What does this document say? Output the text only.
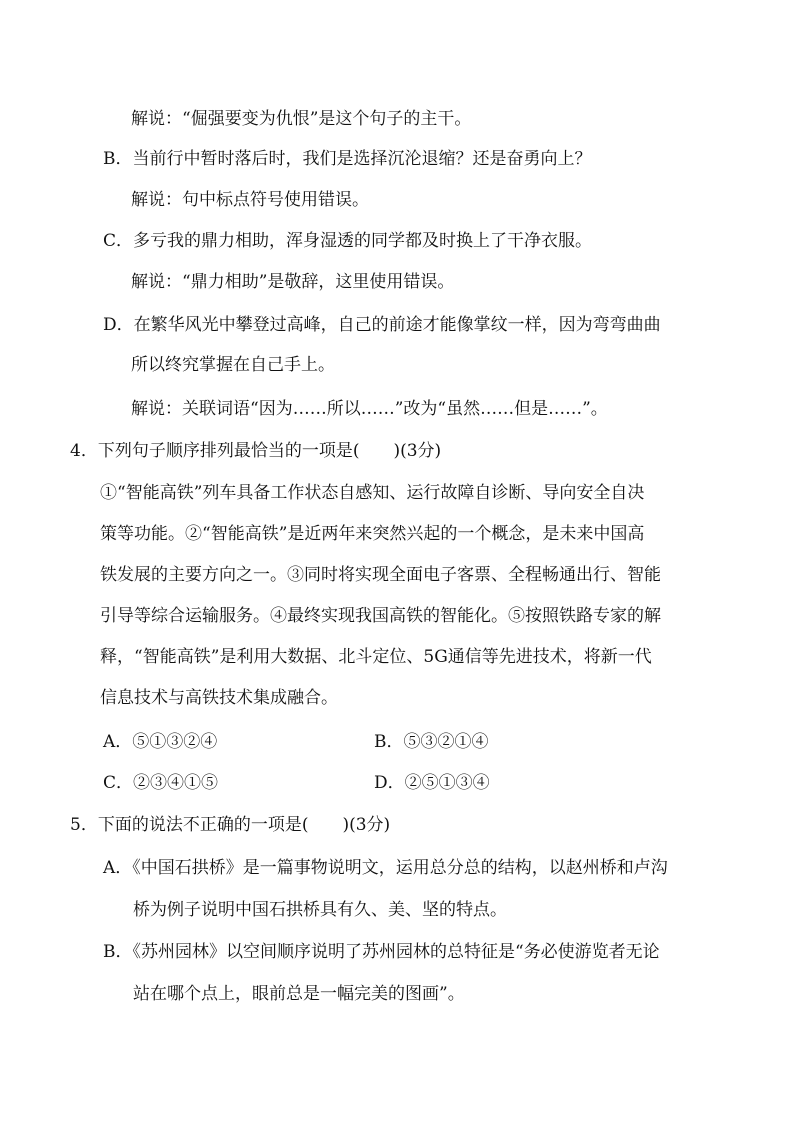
解说：“倔强要变为仇恨”是这个句子的主干。
B．当前行中暂时落后时，我们是选择沉沦退缩？还是奋勇向上？
解说：句中标点符号使用错误。
C．多亏我的鼎力相助，浑身湿透的同学都及时换上了干净衣服。
解说：“鼎力相助”是敬辞，这里使用错误。
D．在繁华风光中攀登过高峰，自己的前途才能像掌纹一样，因为弯弯曲曲
所以终究掌握在自己手上。
解说：关联词语“因为……所以……”改为“虽然……但是……”。
4．下列句子顺序排列最恰当的一项是(　　)(3分)
①“智能高铁”列车具备工作状态自感知、运行故障自诊断、导向安全自决
策等功能。②“智能高铁”是近两年来突然兴起的一个概念，是未来中国高
铁发展的主要方向之一。③同时将实现全面电子客票、全程畅通出行、智能
引导等综合运输服务。④最终实现我国高铁的智能化。⑤按照铁路专家的解
释，“智能高铁”是利用大数据、北斗定位、5G通信等先进技术，将新一代
信息技术与高铁技术集成融合。
A．⑤①③②④	B．⑤③②①④
C．②③④①⑤	D．②⑤①③④
5．下面的说法不正确的一项是(　　)(3分)
A．《中国石拱桥》是一篇事物说明文，运用总分总的结构，以赵州桥和卢沟
桥为例子说明中国石拱桥具有久、美、坚的特点。
B．《苏州园林》以空间顺序说明了苏州园林的总特征是“务必使游览者无论
站在哪个点上，眼前总是一幅完美的图画”。
